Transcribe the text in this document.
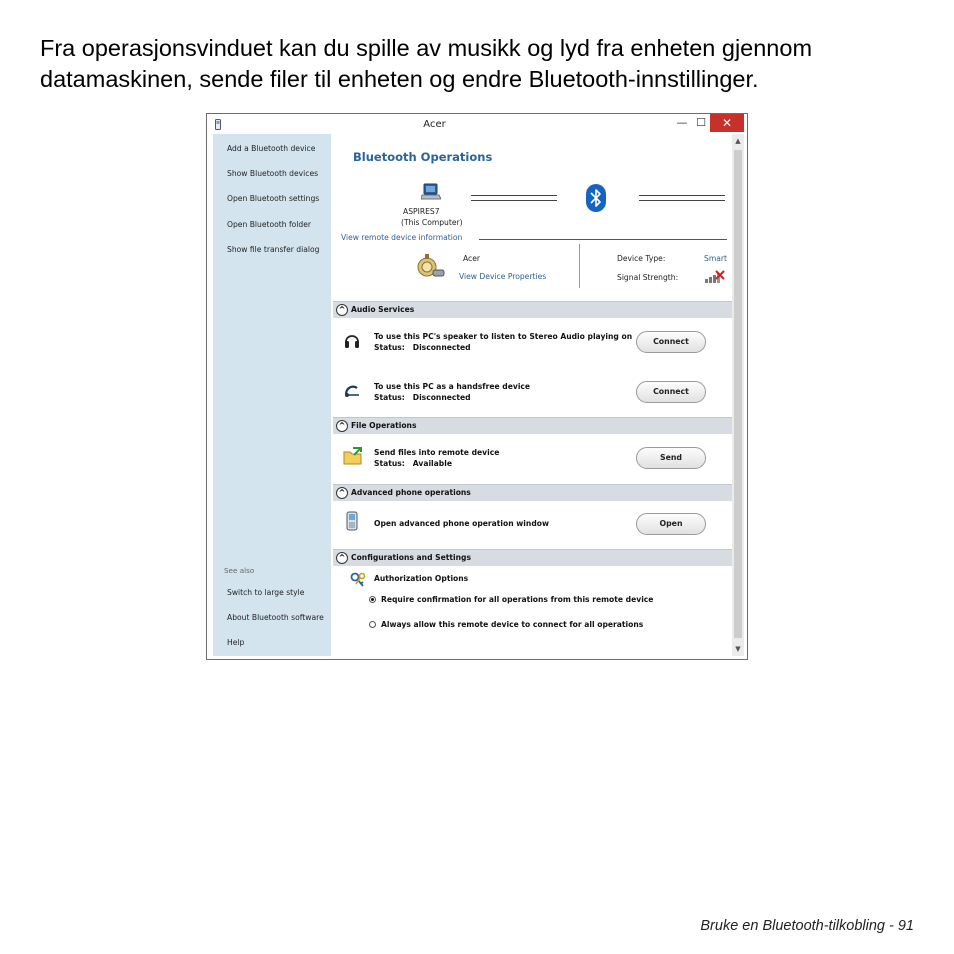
Fra operasjonsvinduet kan du spille av musikk og lyd fra enheten gjennom datamaskinen, sende filer til enheten og endre Bluetooth-innstillinger.

Acer	— ☐	✕
Add a Bluetooth device
Show Bluetooth devices
Open Bluetooth settings
Open Bluetooth folder
Show file transfer dialog
See also
Switch to large style
About Bluetooth software
Help
Bluetooth Operations
ASPIRES7
(This Computer)
View remote device information
Acer
View Device Properties
Device Type:	Smart
Signal Strength:
^ Audio Services
To use this PC's speaker to listen to Stereo Audio playing on
Status: Disconnected
Connect
To use this PC as a handsfree device
Status: Disconnected
Connect
^ File Operations
Send files into remote device
Status: Available
Send
^ Advanced phone operations
Open advanced phone operation window	Open
^ Configurations and Settings
Authorization Options
Require confirmation for all operations from this remote device
Always allow this remote device to connect for all operations
▲
▼
Bruke en Bluetooth-tilkobling - 91
